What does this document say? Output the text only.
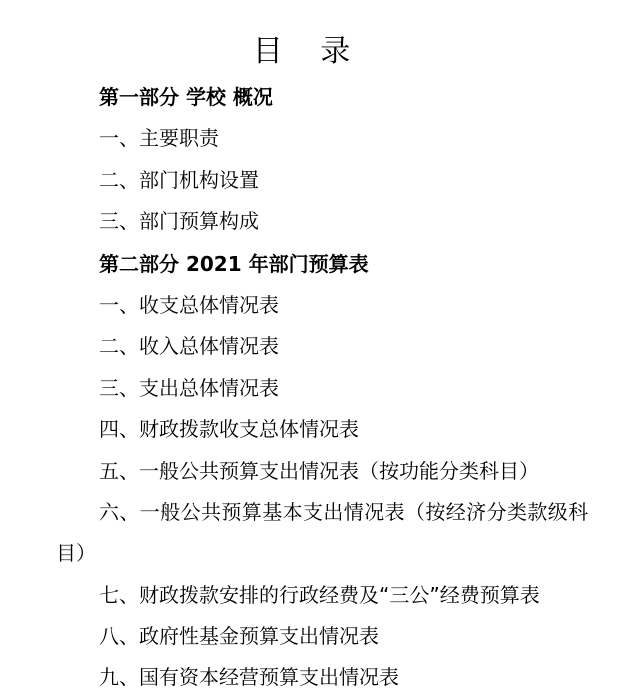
目 录
第一部分 学校 概况
一、主要职责
二、部门机构设置
三、部门预算构成
第二部分 2021 年部门预算表
一、收支总体情况表
二、收入总体情况表
三、支出总体情况表
四、财政拨款收支总体情况表
五、一般公共预算支出情况表（按功能分类科目）
六、一般公共预算基本支出情况表（按经济分类款级科
目）
七、财政拨款安排的行政经费及“三公”经费预算表
八、政府性基金预算支出情况表
九、国有资本经营预算支出情况表
